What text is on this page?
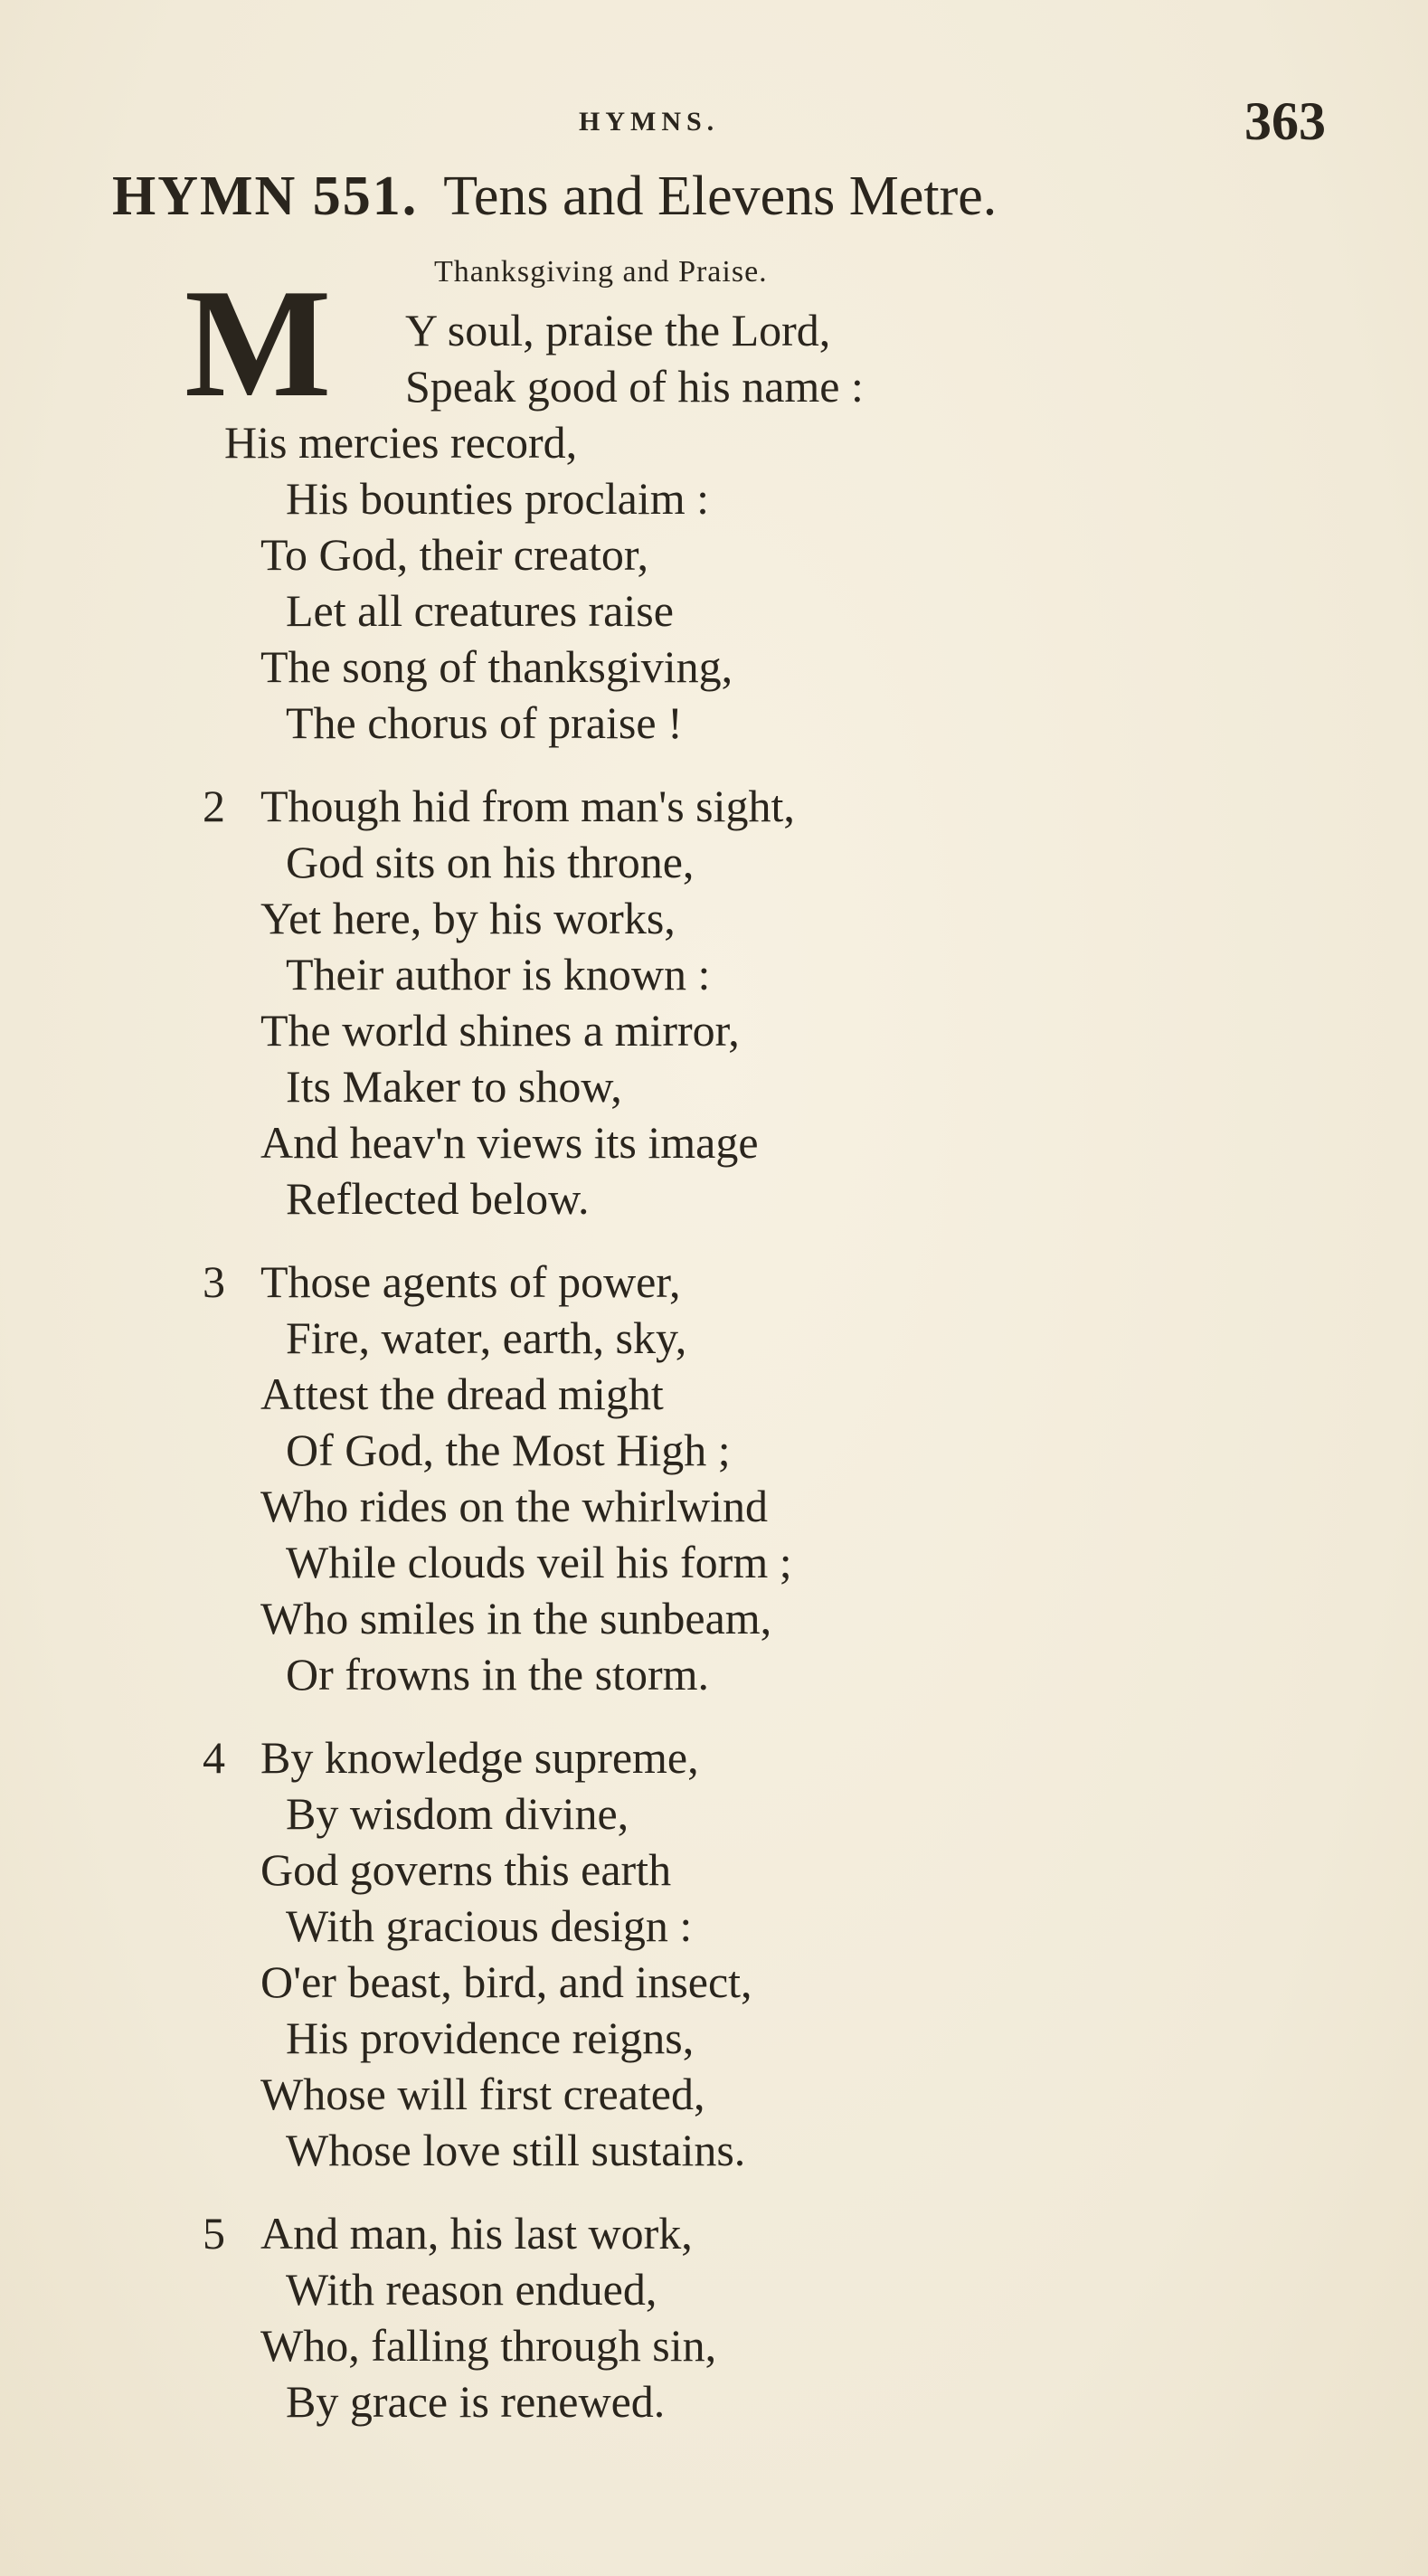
HYMNS.	363
HYMN 551. Tens and Elevens Metre.
Thanksgiving and Praise.
M Y soul, praise the Lord,
Speak good of his name :
His mercies record,
His bounties proclaim :
To God, their creator,
Let all creatures raise
The song of thanksgiving,
The chorus of praise !
2 Though hid from man's sight,
God sits on his throne,
Yet here, by his works,
Their author is known :
The world shines a mirror,
Its Maker to show,
And heav'n views its image
Reflected below.
3 Those agents of power,
Fire, water, earth, sky,
Attest the dread might
Of God, the Most High ;
Who rides on the whirlwind
While clouds veil his form ;
Who smiles in the sunbeam,
Or frowns in the storm.
4 By knowledge supreme,
By wisdom divine,
God governs this earth
With gracious design :
O'er beast, bird, and insect,
His providence reigns,
Whose will first created,
Whose love still sustains.
5 And man, his last work,
With reason endued,
Who, falling through sin,
By grace is renewed.
